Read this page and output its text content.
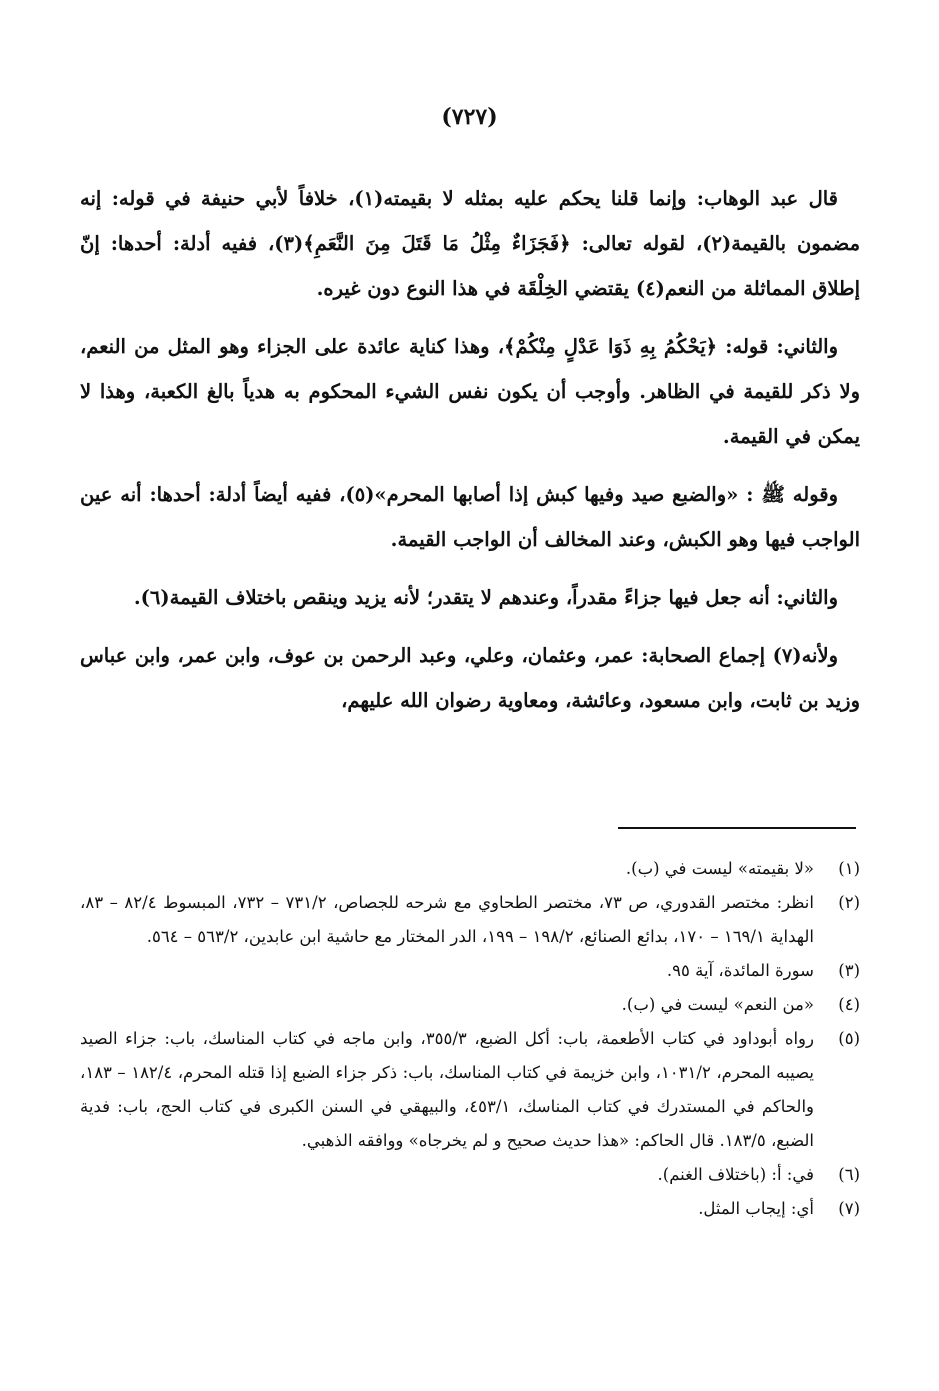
(٧٢٧)

قال عبد الوهاب: وإنما قلنا يحكم عليه بمثله لا بقيمته(١)، خلافاً لأبي حنيفة في قوله: إنه مضمون بالقيمة(٢)، لقوله تعالى: ﴿فَجَزَاءٌ مِثْلُ مَا قَتَلَ مِنَ النَّعَمِ﴾(٣)، ففيه أدلة: أحدها: إنّ إطلاق المماثلة من النعم(٤) يقتضي الخِلْقَة في هذا النوع دون غيره.

والثاني: قوله: ﴿يَحْكُمُ بِهِ ذَوَا عَدْلٍ مِنْكُمْ﴾، وهذا كناية عائدة على الجزاء وهو المثل من النعم، ولا ذكر للقيمة في الظاهر. وأوجب أن يكون نفس الشيء المحكوم به هدياً بالغ الكعبة، وهذا لا يمكن في القيمة.

وقوله ﷺ : «والضبع صيد وفيها كبش إذا أصابها المحرم»(٥)، ففيه أيضاً أدلة: أحدها: أنه عين الواجب فيها وهو الكبش، وعند المخالف أن الواجب القيمة.

والثاني: أنه جعل فيها جزاءً مقدراً، وعندهم لا يتقدر؛ لأنه يزيد وينقص باختلاف القيمة(٦).

ولأنه(٧) إجماع الصحابة: عمر، وعثمان، وعلي، وعبد الرحمن بن عوف، وابن عمر، وابن عباس وزيد بن ثابت، وابن مسعود، وعائشة، ومعاوية رضوان الله عليهم،

(١)
«لا بقيمته» ليست في (ب).
(٢)
انظر: مختصر القدوري، ص ٧٣، مختصر الطحاوي مع شرحه للجصاص، ٧٣١/٢ – ٧٣٢، المبسوط ٨٢/٤ – ٨٣، الهداية ١٦٩/١ – ١٧٠، بدائع الصنائع، ١٩٨/٢ – ١٩٩، الدر المختار مع حاشية ابن عابدين، ٥٦٣/٢ – ٥٦٤.
(٣)
سورة المائدة، آية ٩٥.
(٤)
«من النعم» ليست في (ب).
(٥)
رواه أبوداود في كتاب الأطعمة، باب: أكل الضبع، ٣٥٥/٣، وابن ماجه في كتاب المناسك، باب: جزاء الصيد يصيبه المحرم، ١٠٣١/٢، وابن خزيمة في كتاب المناسك، باب: ذكر جزاء الضبع إذا قتله المحرم، ١٨٢/٤ – ١٨٣، والحاكم في المستدرك في كتاب المناسك، ٤٥٣/١، والبيهقي في السنن الكبرى في كتاب الحج، باب: فدية الضبع، ١٨٣/٥. قال الحاكم: «هذا حديث صحيح و لم يخرجاه» ووافقه الذهبي.
(٦)
في: أ: (باختلاف الغنم).
(٧)
أي: إيجاب المثل.
